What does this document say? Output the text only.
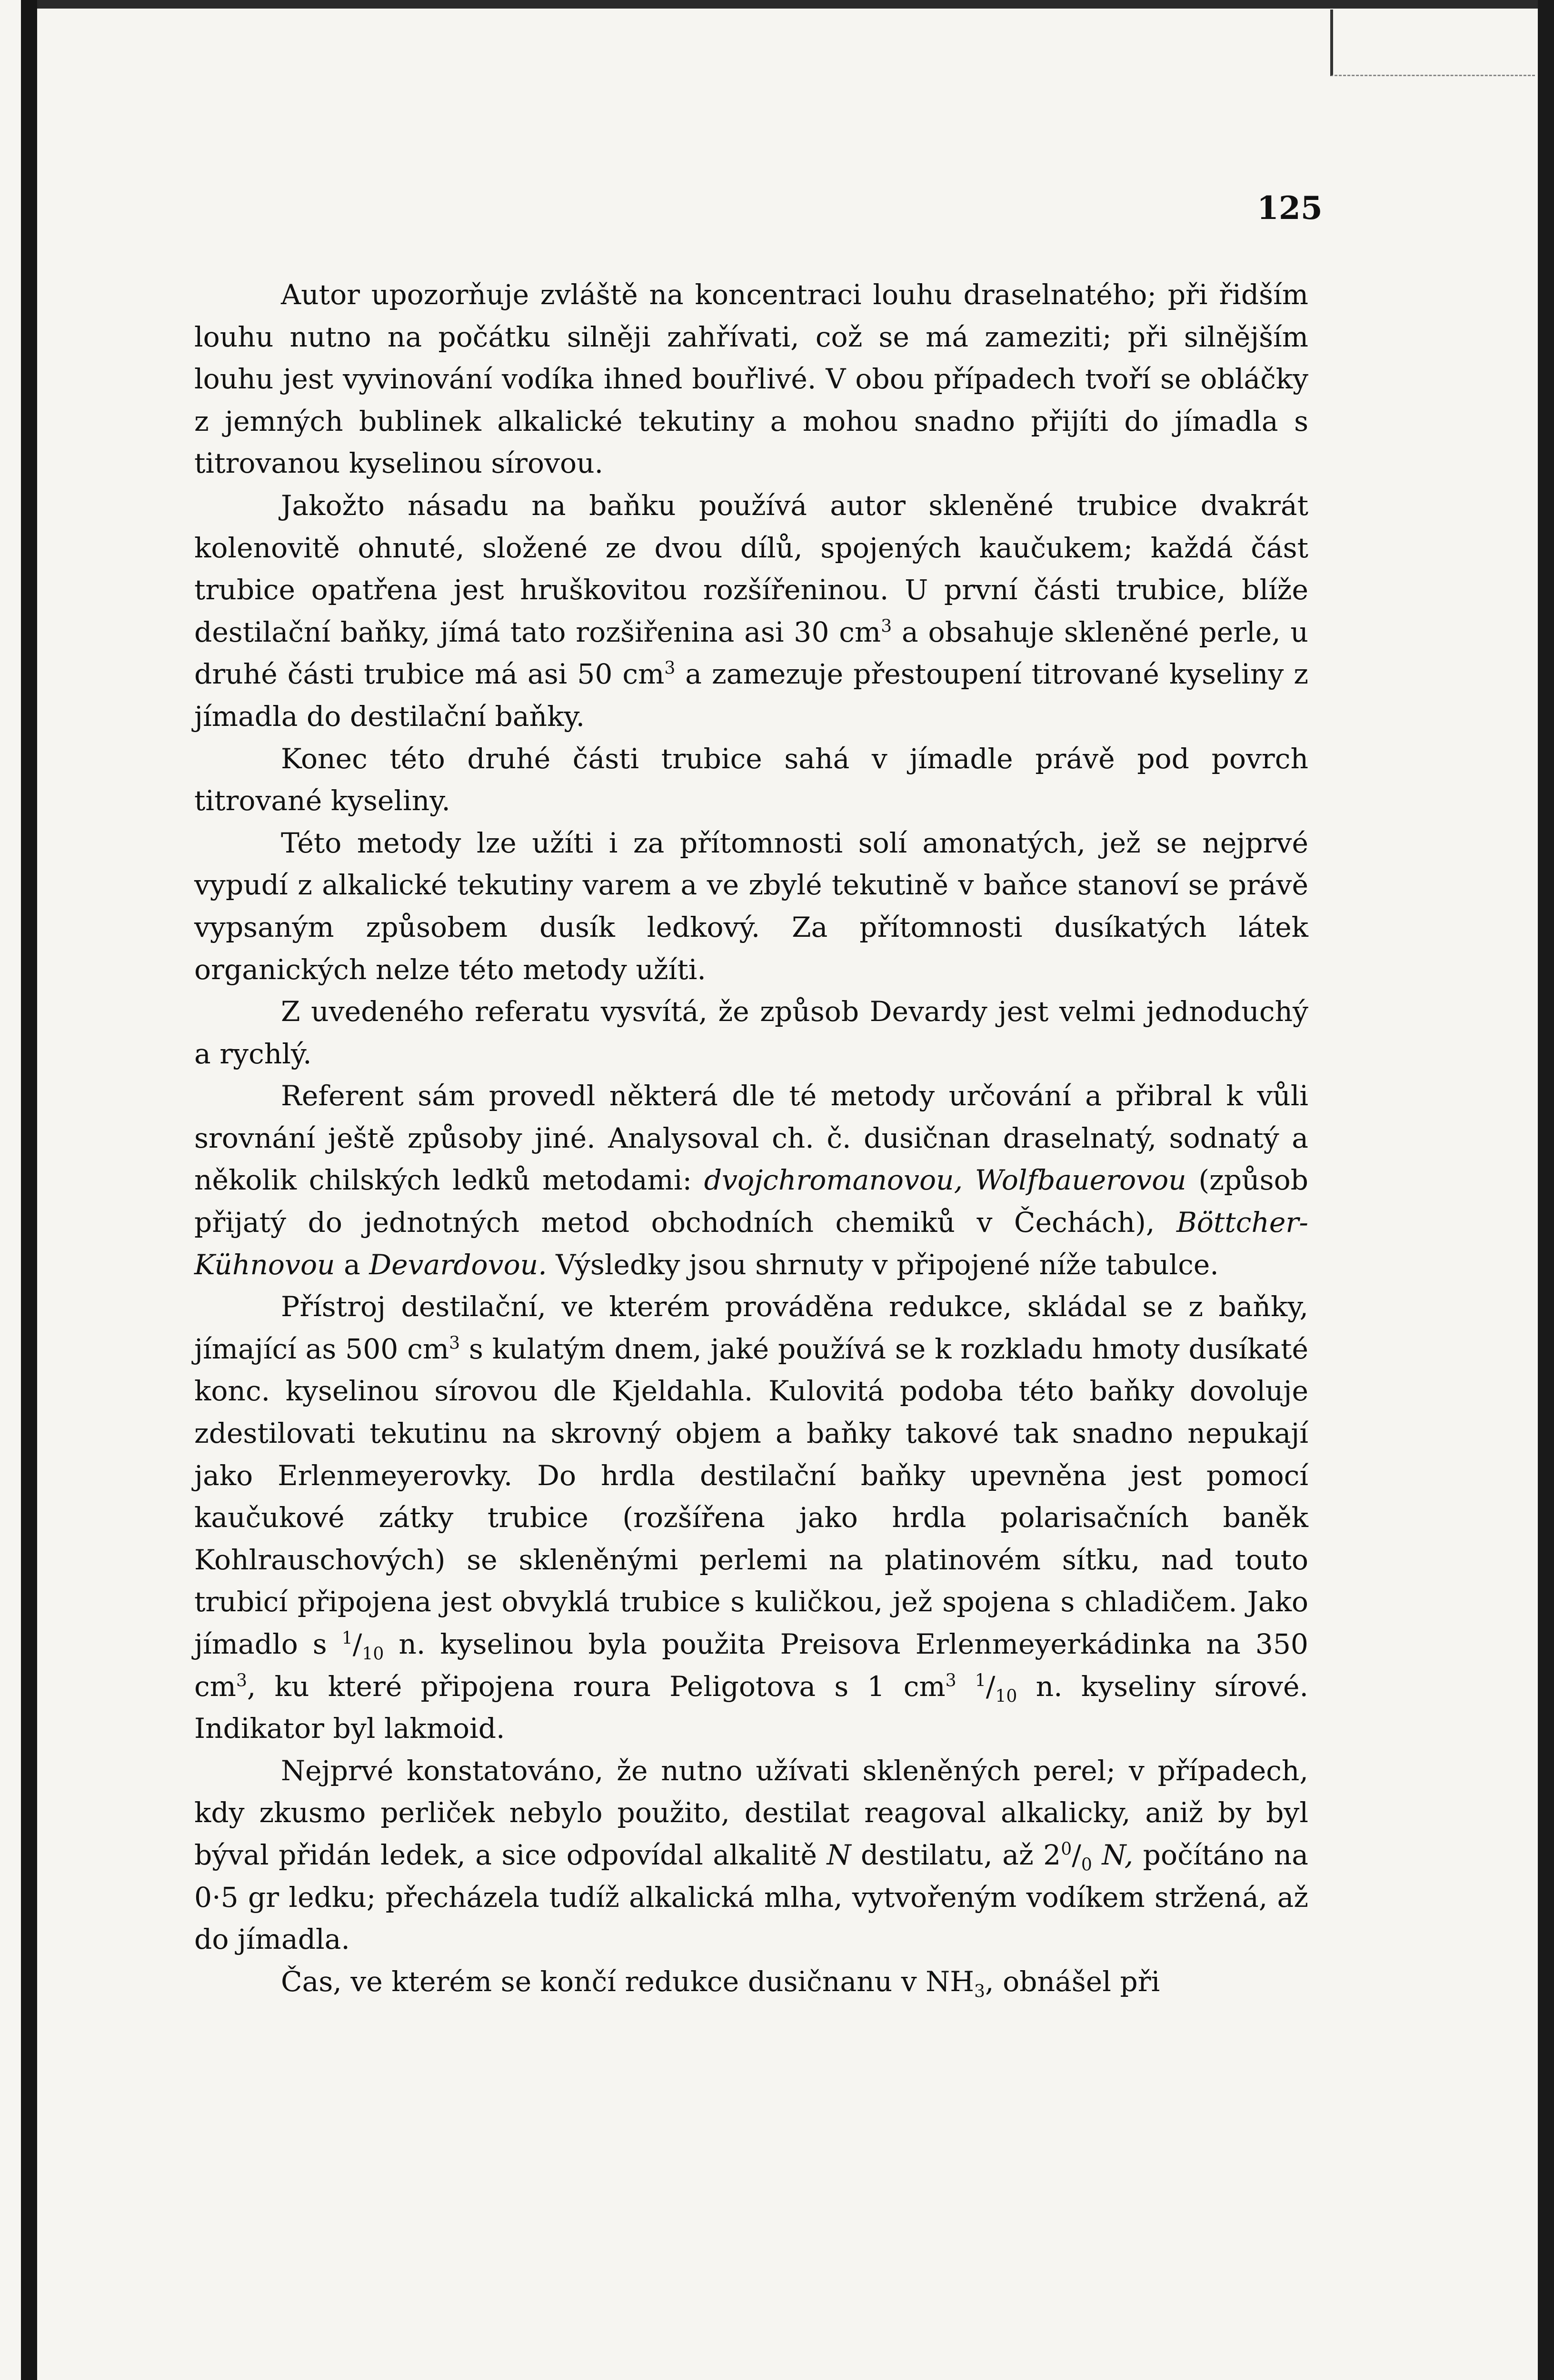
125

Autor upozorňuje zvláště na koncentraci louhu draselnatého; při řidším louhu nutno na počátku silněji zahřívati, což se má zameziti; při silnějším louhu jest vyvinování vodíka ihned bouřlivé. V obou případech tvoří se obláčky z jemných bublinek alkalické tekutiny a mohou snadno přijíti do jímadla s titrovanou kyselinou sírovou.

Jakožto násadu na baňku používá autor skleněné trubice dvakrát kolenovitě ohnuté, složené ze dvou dílů, spojených kaučukem; každá část trubice opatřena jest hruškovitou rozšířeninou. U první části trubice, blíže destilační baňky, jímá tato rozšiřenina asi 30 $cm^3$ a obsahuje skleněné perle, u druhé části trubice má asi 50 $cm^3$ a zamezuje přestoupení titrované kyseliny z jímadla do destilační baňky.

Konec této druhé části trubice sahá v jímadle právě pod povrch titrované kyseliny.

Této metody lze užíti i za přítomnosti solí amonatých, jež se nejprvé vypudí z alkalické tekutiny varem a ve zbylé tekutině v baňce stanoví se právě vypsaným způsobem dusík ledkový. Za přítomnosti dusíkatých látek organických nelze této metody užíti.

Z uvedeného referatu vysvítá, že způsob Devardy jest velmi jednoduchý a rychlý.

Referent sám provedl některá dle té metody určování a přibral k vůli srovnání ještě způsoby jiné. Analysoval ch. č. dusičnan draselnatý, sodnatý a několik chilských ledků metodami: dvojchromanovou, Wolfbauerovou (způsob přijatý do jednotných metod obchodních chemiků v Čechách), Böttcher-Kühnovou a Devardovou. Výsledky jsou shrnuty v připojené níže tabulce.

Přístroj destilační, ve kterém prováděna redukce, skládal se z baňky, jímající as 500 $cm^3$ s kulatým dnem, jaké používá se k rozkladu hmoty dusíkaté konc. kyselinou sírovou dle Kjeldahla. Kulovitá podoba této baňky dovoluje zdestilovati tekutinu na skrovný objem a baňky takové tak snadno nepukají jako Erlenmeyerovky. Do hrdla destilační baňky upevněna jest pomocí kaučukové zátky trubice (rozšířena jako hrdla polarisačních baněk Kohlrauschových) se skleněnými perlemi na platinovém sítku, nad touto trubicí připojena jest obvyklá trubice s kuličkou, jež spojena s chladičem. Jako jímadlo s $^1/_{10}$ n. kyselinou byla použita Preisova Erlenmeyerkádinka na 350 $cm^3$, ku které připojena roura Peligotova s 1 $cm^3$ $^1/_{10}$ n. kyseliny sírové. Indikator byl lakmoid.

Nejprvé konstatováno, že nutno užívati skleněných perel; v případech, kdy zkusmo perliček nebylo použito, destilat reagoval alkalicky, aniž by byl býval přidán ledek, a sice odpovídal alkalitě N destilatu, až $2^0/_0$ N, počítáno na 0·5 gr ledku; přecházela tudíž alkalická mlha, vytvořeným vodíkem stržená, až do jímadla.

Čas, ve kterém se končí redukce dusičnanu v $NH_3$, obnášel při
